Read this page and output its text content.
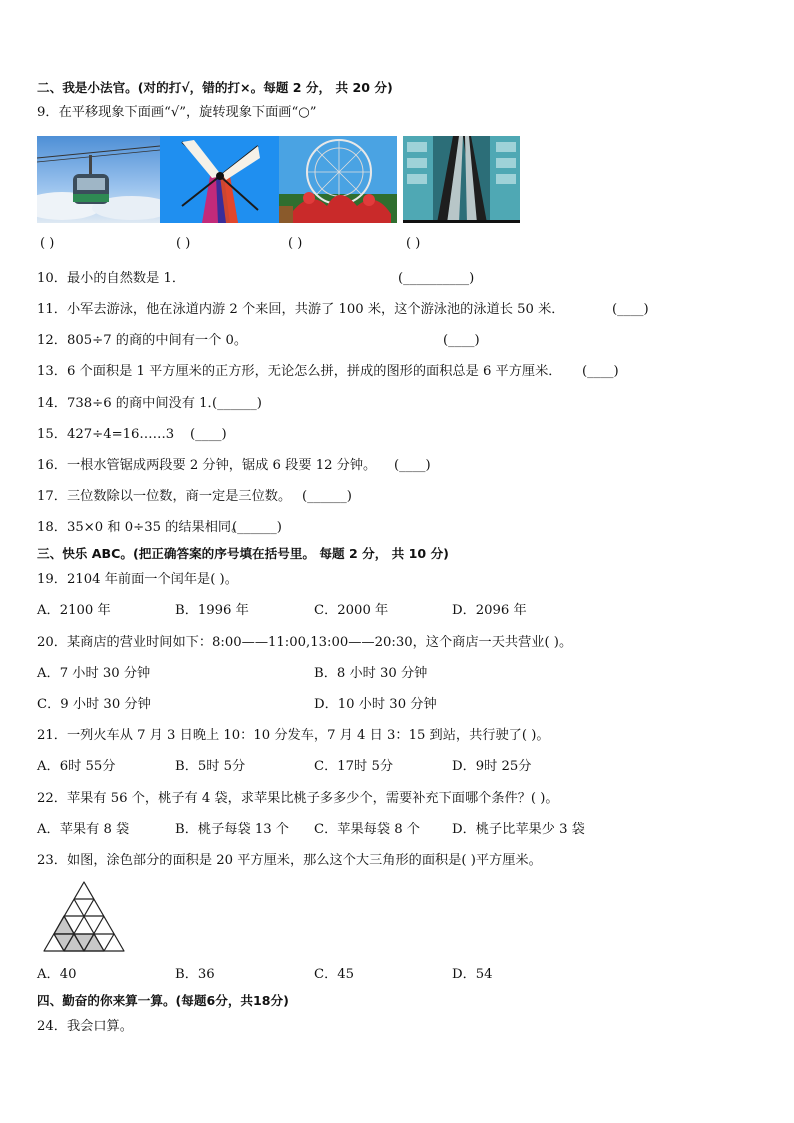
二、我是小法官。(对的打√，错的打×。每题 2 分， 共 20 分)
9．在平移现象下面画“√”，旋转现象下面画“○”
( )	( )	( )	( )
10．最小的自然数是 1．	(__________)
11．小军去游泳，他在泳道内游 2 个来回，共游了 100 米，这个游泳池的泳道长 50 米．	(____)
12．805÷7 的商的中间有一个 0。	(____)
13．6 个面积是 1 平方厘米的正方形，无论怎么拼，拼成的图形的面积总是 6 平方厘米． (____)
14．738÷6 的商中间没有 1．
(______)
15．427÷4=16……3 (____)
16．一根水管锯成两段要 2 分钟，锯成 6 段要 12 分钟。 (____)
17．三位数除以一位数，商一定是三位数。 (______)
18．35×0 和 0÷35 的结果相同。
(______)
三、快乐 ABC。(把正确答案的序号填在括号里。 每题 2 分， 共 10 分)
19．2104 年前面一个闰年是( )。
A．2100 年	B．1996 年	C．2000 年	D．2096 年
20．某商店的营业时间如下：8:00——11:00,13:00——20:30，这个商店一天共营业( )。
A．7 小时 30 分钟	B．8 小时 30 分钟
C．9 小时 30 分钟	D．10 小时 30 分钟
21．一列火车从 7 月 3 日晚上 10：10 分发车，7 月 4 日 3：15 到站，共行驶了( )。
A．6时 55分	B．5时 5分	C．17时 5分	D．9时 25分
22．苹果有 56 个，桃子有 4 袋，求苹果比桃子多多少个，需要补充下面哪个条件？( )。
A．苹果有 8 袋	B．桃子每袋 13 个 C．苹果每袋 8 个 D．桃子比苹果少 3 袋
23．如图，涂色部分的面积是 20 平方厘米，那么这个大三角形的面积是( )平方厘米。
A．40	B．36	C．45	D．54
四、勤奋的你来算一算。(每题6分，共18分)
24．我会口算。
